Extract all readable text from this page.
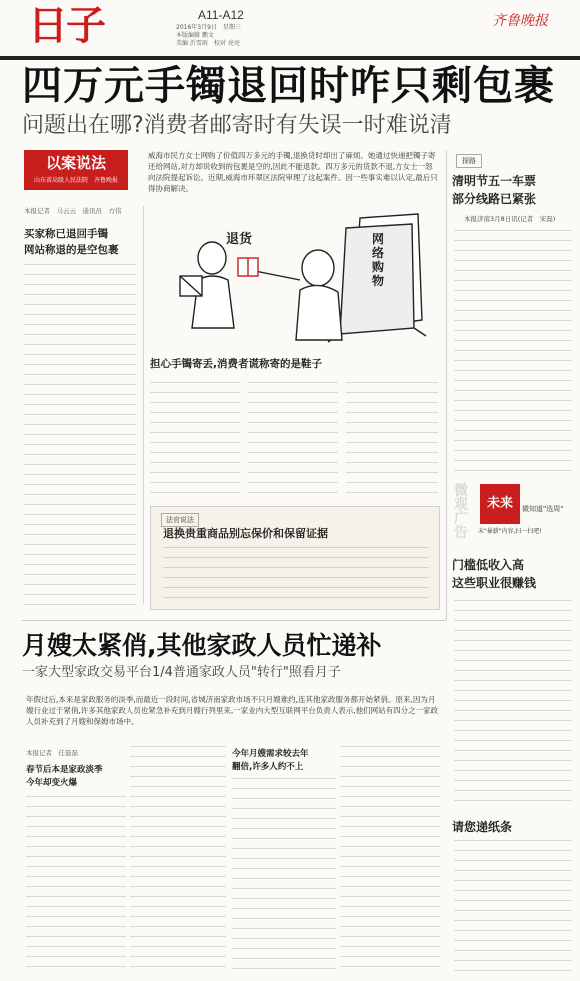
日子	A11-A12
2016年3月9日　星期三
本版编辑 鹏文
美编 沂雪雨　校对 亮亮
齐鲁晚报
四万元手镯退回时咋只剩包裹
问题出在哪?消费者邮寄时有失误一时难说清
以案说法
山东省高级人民法院　齐鲁晚报
威海市民方女士网购了价值四万多元的手镯,退换货时却出了麻烦。她通过快递把镯子寄还给网站,对方却说收到的包裹是空的,因此不能退款。四万多元的货款不退,方女士一怒向法院提起诉讼。近期,威海市环翠区法院审理了这起案件。因一些事实难以认定,最后只得协商解决。
本报记者　马云云　通讯员　方伟
买家称已退回手镯
网站称退的是空包裹
退货	网络购物
担心手镯寄丢,消费者谎称寄的是鞋子
法官说法
退换贵重商品别忘保价和保留证据
探路
清明节五一车票
部分线路已紧张
本报济南3月8日讯(记者　宋磊)
微观广告
未来	微知道"选周"
未"暴薪"内容,扫一扫吧!
门槛低收入高
这些职业很赚钱
请您递纸条
月嫂太紧俏,其他家政人员忙递补
一家大型家政交易平台1/4普通家政人员"转行"照看月子
年假过后,本来是家政服务的淡季,而最近一段时间,省城济南家政市场不只月嫂难约,连其他家政服务都开始紧俏。原来,因为月嫂行业过于紧俏,许多其他家政人员也紧急补充到月嫂行列里来,一家业内大型互联网平台负责人表示,他们网站有四分之一家政人员补充到了月嫂和保姆市场中。
本报记者　任磊磊
春节后本是家政淡季
今年却变火爆
今年月嫂需求较去年
翻倍,许多人约不上
